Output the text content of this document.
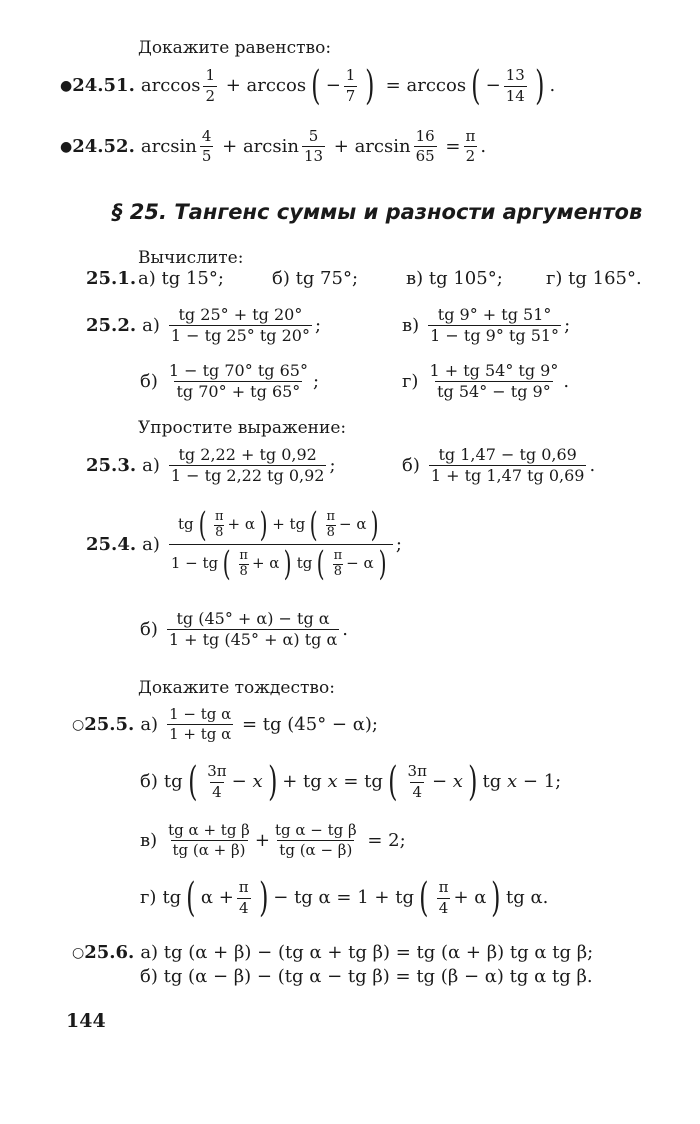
Докажите равенство:
● 24.51. $\arccos \frac{1}{2} + \arccos$ ( − $\frac{1}{7}$ ) = arccos ( − $\frac{13}{14}$ ) .
● 24.52. $\arcsin \frac{4}{5} + \arcsin \frac{5}{13} + \arcsin \frac{16}{65} = \frac{\pi}{2}$ .
§ 25. Тангенс суммы и разности аргументов
Вычислите:
25.1. а) tg 15°;	б) tg 75°;	в) tg 105°; г) tg 165°.
25.2. $а) \frac{tg 25^\circ + tg 20^\circ}{1 - tg 25^\circ tg 20^\circ}$ ;	$в) \frac{tg 9^\circ + tg 51^\circ}{1 - tg 9^\circ tg 51^\circ}$ ;
$б) \frac{1 - tg 70^\circ tg 65^\circ}{tg 70^\circ + tg 65^\circ}$ ;	$г) \frac{1 + tg 54^\circ tg 9^\circ}{tg 54^\circ - tg 9^\circ}$ .
Упростите выражение:
25.3. $а) \frac{tg 2,22 + tg 0,92}{1 - tg 2,22 tg 0,92}$ ;	$б) \frac{tg 1,47 - tg 0,69}{1 + tg 1,47 tg 0,69}$ .
25.4. $а) \frac{tg ( \frac{\pi}{8} + \alpha ) + tg ( \frac{\pi}{8} - \alpha )}{1 - tg ( \frac{\pi}{8} + \alpha ) tg ( \frac{\pi}{8} - \alpha )}$ ;
$б) \frac{\text{tg (45° + α) − tg α}}{\text{1 + tg (45° + α) tg α}}$ .
Докажите тождество:
○ 25.5. $а) \frac{\text{1 − tg α}}{\text{1 + tg α}}$ = tg (45° − α);
б) tg ( $\frac{3\pi}{4} - x$ ) + tg x = tg ( $\frac{3\pi}{4} - x$ ) tg x − 1;
$в) \frac{\text{tg α + tg β}}{tg (\alpha + \beta)} + \frac{\text{tg α − tg β}}{tg (\alpha - \beta)} = 2$;
г) tg ( $\alpha + \frac{\pi}{4}$ ) − tg α = 1 + tg ( $\frac{\pi}{4} + \alpha$ ) tg α.
○ 25.6. а) tg (α + β) − (tg α + tg β) = tg (α + β) tg α tg β;
б) tg (α − β) − (tg α − tg β) = tg (β − α) tg α tg β.
144
